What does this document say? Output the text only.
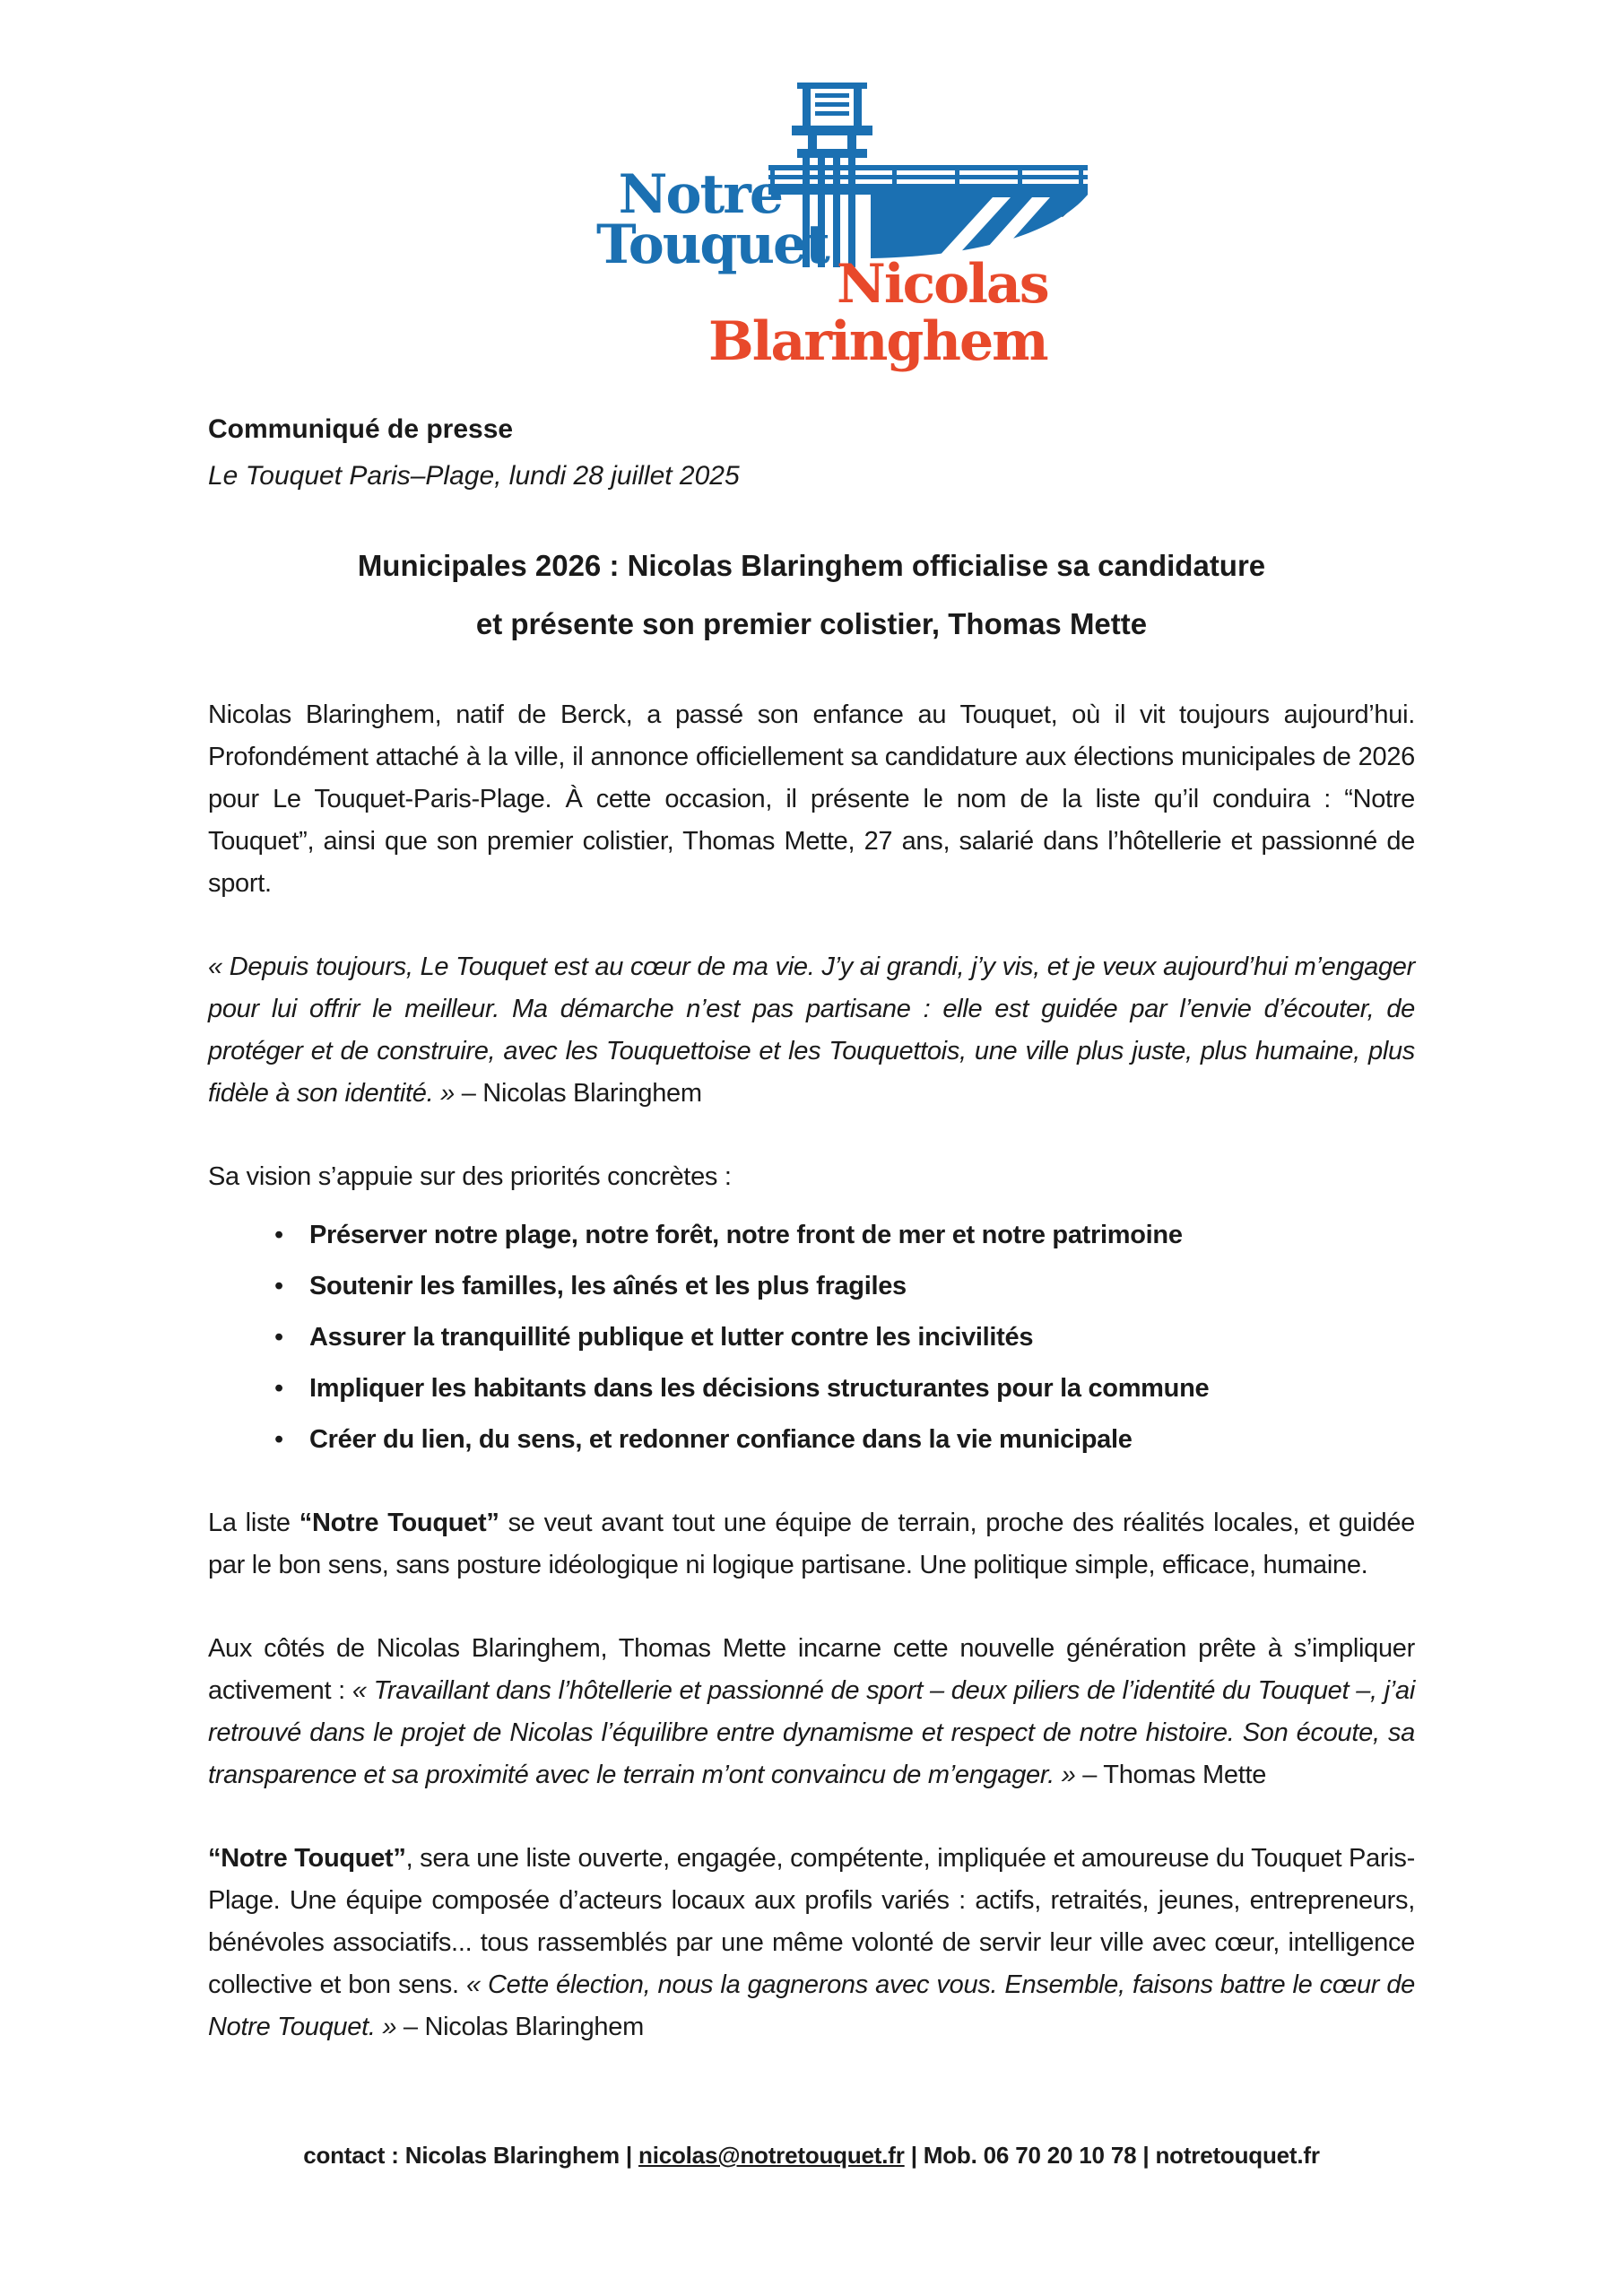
Notre
Touquet
Nicolas
Blaringhem
Communiqué de presse
Le Touquet Paris–Plage, lundi 28 juillet 2025
Municipales 2026 : Nicolas Blaringhem officialise sa candidature
et présente son premier colistier, Thomas Mette

Nicolas Blaringhem, natif de Berck, a passé son enfance au Touquet, où il vit toujours aujourd’hui. Profondément attaché à la ville, il annonce officiellement sa candidature aux élections municipales de 2026 pour Le Touquet-Paris-Plage. À cette occasion, il présente le nom de la liste qu’il conduira : “Notre Touquet”, ainsi que son premier colistier, Thomas Mette, 27 ans, salarié dans l’hôtellerie et passionné de sport.

« Depuis toujours, Le Touquet est au cœur de ma vie. J’y ai grandi, j’y vis, et je veux aujourd’hui m’engager pour lui offrir le meilleur. Ma démarche n’est pas partisane : elle est guidée par l’envie d’écouter, de protéger et de construire, avec les Touquettoise et les Touquettois, une ville plus juste, plus humaine, plus fidèle à son identité. » – Nicolas Blaringhem

Sa vision s’appuie sur des priorités concrètes :
• Préserver notre plage, notre forêt, notre front de mer et notre patrimoine
• Soutenir les familles, les aînés et les plus fragiles
• Assurer la tranquillité publique et lutter contre les incivilités
• Impliquer les habitants dans les décisions structurantes pour la commune
• Créer du lien, du sens, et redonner confiance dans la vie municipale

La liste “Notre Touquet” se veut avant tout une équipe de terrain, proche des réalités locales, et guidée par le bon sens, sans posture idéologique ni logique partisane. Une politique simple, efficace, humaine.

Aux côtés de Nicolas Blaringhem, Thomas Mette incarne cette nouvelle génération prête à s’impliquer activement : « Travaillant dans l’hôtellerie et passionné de sport – deux piliers de l’identité du Touquet –, j’ai retrouvé dans le projet de Nicolas l’équilibre entre dynamisme et respect de notre histoire. Son écoute, sa transparence et sa proximité avec le terrain m’ont convaincu de m’engager. » – Thomas Mette

“Notre Touquet”, sera une liste ouverte, engagée, compétente, impliquée et amoureuse du Touquet Paris-Plage. Une équipe composée d’acteurs locaux aux profils variés : actifs, retraités, jeunes, entrepreneurs, bénévoles associatifs... tous rassemblés par une même volonté de servir leur ville avec cœur, intelligence collective et bon sens. « Cette élection, nous la gagnerons avec vous. Ensemble, faisons battre le cœur de Notre Touquet. » – Nicolas Blaringhem

contact : Nicolas Blaringhem | nicolas@notretouquet.fr | Mob. 06 70 20 10 78 | notretouquet.fr
